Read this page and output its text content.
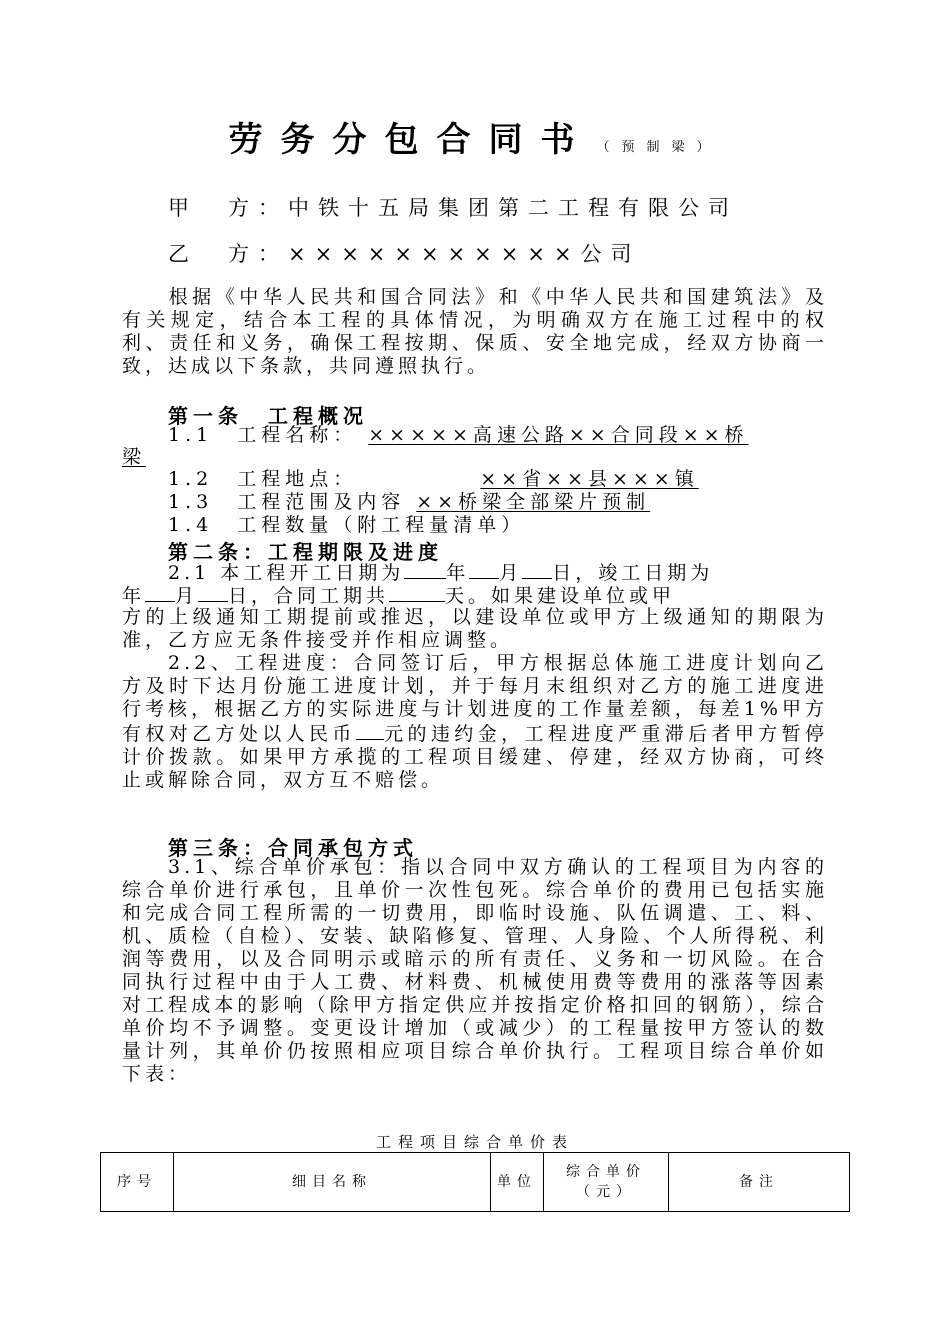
劳务分包合同书 （预制梁）
甲　方：中铁十五局集团第二工程有限公司
乙　方：×××××××××××公司
根据《中华人民共和国合同法》和《中华人民共和国建筑法》及有关规定，结合本工程的具体情况，为明确双方在施工过程中的权利、责任和义务，确保工程按期、保质、安全地完成，经双方协商一致，达成以下条款，共同遵照执行。
第一条　工程概况
1.1　工程名称： ×××××高速公路××合同段××桥
梁
1.2　工程地点：	××省××县×××镇
1.3　工程范围及内容 ××桥梁全部梁片预制
1.4　工程数量（附工程量清单）
第二条：工程期限及进度
2.1 本工程开工日期为 年 月 日，竣工日期为
年 月 日，合同工期共	天。如果建设单位或甲
方的上级通知工期提前或推迟，以建设单位或甲方上级通知的期限为准，乙方应无条件接受并作相应调整。
2.2、工程进度：合同签订后，甲方根据总体施工进度计划向乙方及时下达月份施工进度计划，并于每月末组织对乙方的施工进度进行考核，根据乙方的实际进度与计划进度的工作量差额，每差1%甲方有权对乙方处以人民币 元的违约金，工程进度严重滞后者甲方暂停计价拨款。如果甲方承揽的工程项目缓建、停建，经双方协商，可终止或解除合同，双方互不赔偿。
第三条：合同承包方式
3.1、综合单价承包：指以合同中双方确认的工程项目为内容的综合单价进行承包，且单价一次性包死。综合单价的费用已包括实施和完成合同工程所需的一切费用，即临时设施、队伍调遣、工、料、机、质检（自检）、安装、缺陷修复、管理、人身险、个人所得税、利润等费用，以及合同明示或暗示的所有责任、义务和一切风险。在合同执行过程中由于人工费、材料费、机械使用费等费用的涨落等因素对工程成本的影响（除甲方指定供应并按指定价格扣回的钢筋），综合单价均不予调整。变更设计增加（或减少）的工程量按甲方签认的数量计列，其单价仍按照相应项目综合单价执行。工程项目综合单价如下表：
工程项目综合单价表
序号	细目名称	单位	综合单价（元）	备注
